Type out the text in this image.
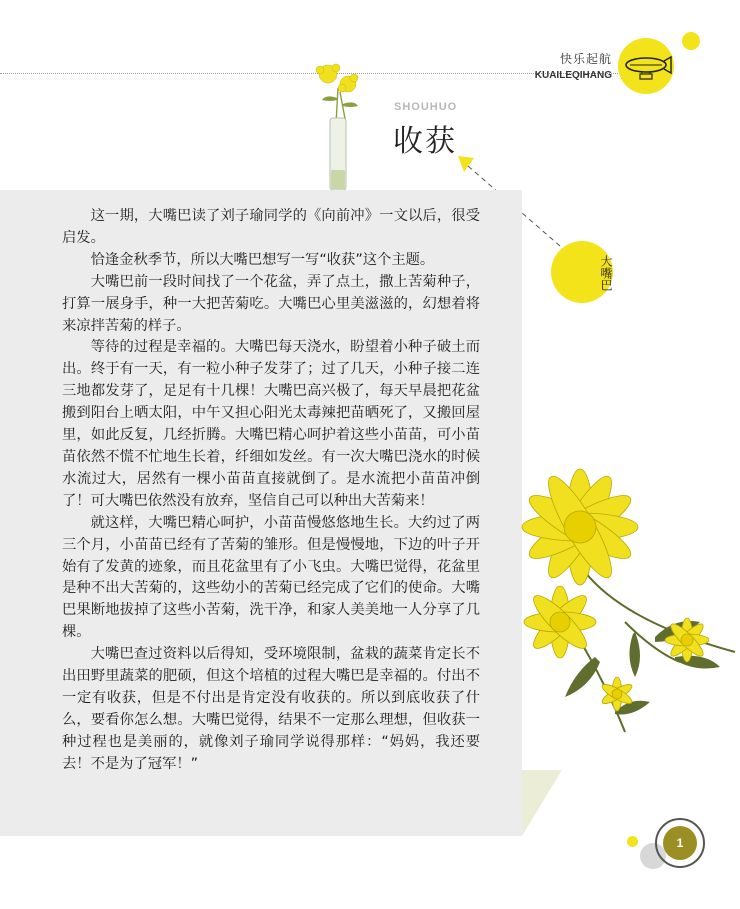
快乐起航
KUAILEQIHANG
SHOUHUO
收获
大嘴巴

这一期，大嘴巴读了刘子瑜同学的《向前冲》一文以后，很受启发。

恰逢金秋季节，所以大嘴巴想写一写“收获”这个主题。

大嘴巴前一段时间找了一个花盆，弄了点土，撒上苦菊种子，打算一展身手，种一大把苦菊吃。大嘴巴心里美滋滋的，幻想着将来凉拌苦菊的样子。

等待的过程是幸福的。大嘴巴每天浇水，盼望着小种子破土而出。终于有一天，有一粒小种子发芽了；过了几天，小种子接二连三地都发芽了，足足有十几棵！大嘴巴高兴极了，每天早晨把花盆搬到阳台上晒太阳，中午又担心阳光太毒辣把苗晒死了，又搬回屋里，如此反复，几经折腾。大嘴巴精心呵护着这些小苗苗，可小苗苗依然不慌不忙地生长着，纤细如发丝。有一次大嘴巴浇水的时候水流过大，居然有一棵小苗苗直接就倒了。是水流把小苗苗冲倒了！可大嘴巴依然没有放弃，坚信自己可以种出大苦菊来！

就这样，大嘴巴精心呵护，小苗苗慢悠悠地生长。大约过了两三个月，小苗苗已经有了苦菊的雏形。但是慢慢地，下边的叶子开始有了发黄的迹象，而且花盆里有了小飞虫。大嘴巴觉得，花盆里是种不出大苦菊的，这些幼小的苦菊已经完成了它们的使命。大嘴巴果断地拔掉了这些小苦菊，洗干净，和家人美美地一人分享了几棵。

大嘴巴查过资料以后得知，受环境限制，盆栽的蔬菜肯定长不出田野里蔬菜的肥硕，但这个培植的过程大嘴巴是幸福的。付出不一定有收获，但是不付出是肯定没有收获的。所以到底收获了什么，要看你怎么想。大嘴巴觉得，结果不一定那么理想，但收获一种过程也是美丽的，就像刘子瑜同学说得那样：“妈妈，我还要去！不是为了冠军！”

1
